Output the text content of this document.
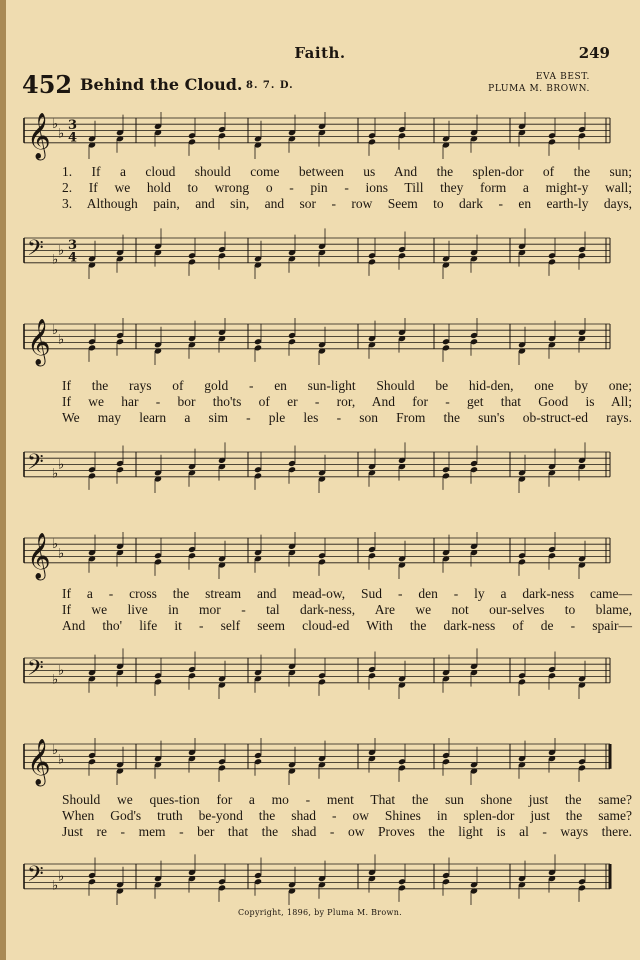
Faith.	249
452 Behind the Cloud. 8. 7. D.
EVA BEST.
PLUMA M. BROWN.
𝄞 ♭
♭
3
4
1. If a cloud should come between us And the splen-dor of the sun;
2. If we hold to wrong o - pin - ions Till they form a might-y wall;
3. Although pain, and sin, and sor - row Seem to dark - en earth-ly days,
𝄢 ♭
♭ 3
4
𝄞 ♭
♭
If the rays of gold - en sun-light Should be hid-den, one by one;
If we har - bor tho'ts of er - ror, And for - get that Good is All;
We may learn a sim - ple les - son From the sun's ob-struct-ed rays.
𝄢 ♭
♭
𝄞 ♭
♭
If a - cross the stream and mead-ow, Sud - den - ly a dark-ness came—
If we live in mor - tal dark-ness, Are we not our-selves to blame,
And tho' life it - self seem cloud-ed With the dark-ness of de - spair—
𝄢 ♭
♭
𝄞 ♭
♭
Should we ques-tion for a mo - ment That the sun shone just the same?
When God's truth be-yond the shad - ow Shines in splen-dor just the same?
Just re - mem - ber that the shad - ow Proves the light is al - ways there.
𝄢 ♭
♭
Copyright, 1896, by Pluma M. Brown.
